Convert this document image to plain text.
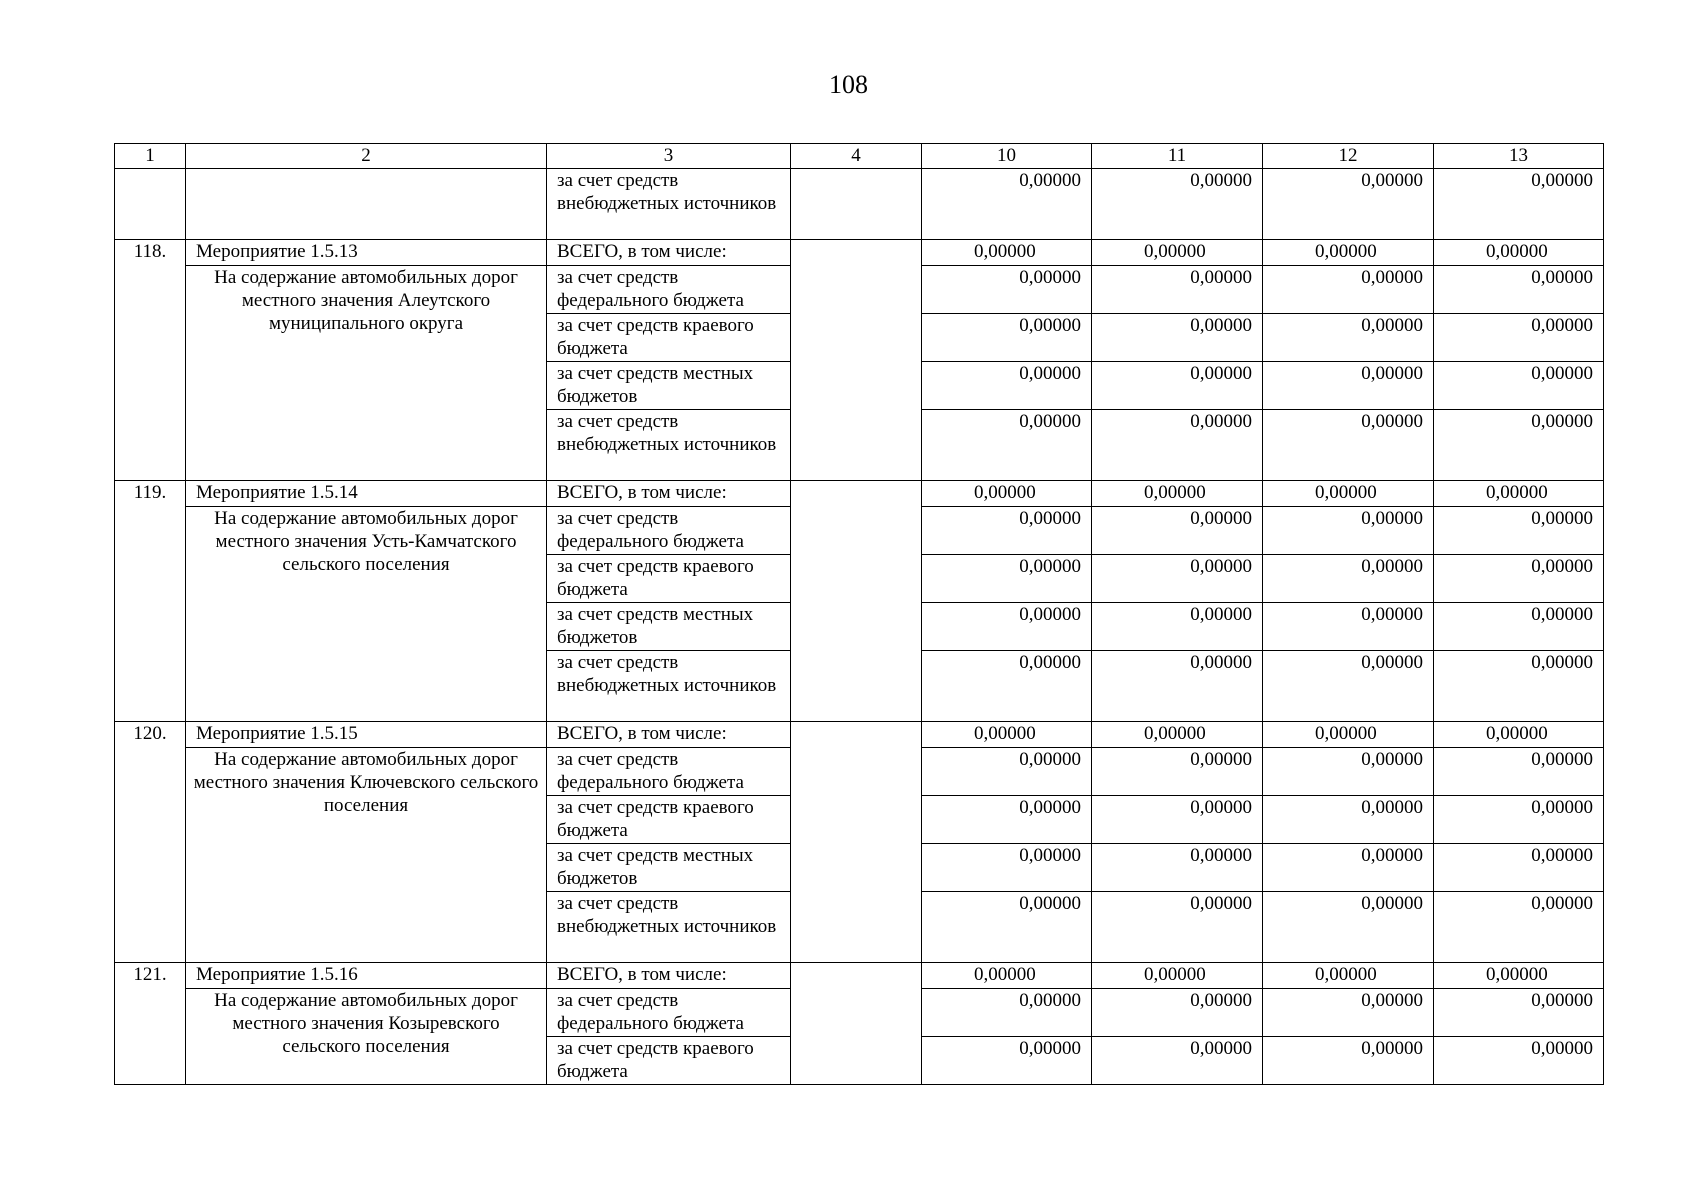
108
1	2	3	4	10	11	12	13
		за счет средств внебюджетных источников		0,00000	0,00000	0,00000	0,00000
118.	Мероприятие 1.5.13	ВСЕГО, в том числе:		0,00000	0,00000	0,00000	0,00000
	На содержание автомобильных дорог местного значения Алеутского муниципального округа	за счет средств федерального бюджета		0,00000	0,00000	0,00000	0,00000
		за счет средств краевого бюджета		0,00000	0,00000	0,00000	0,00000
		за счет средств местных бюджетов		0,00000	0,00000	0,00000	0,00000
		за счет средств внебюджетных источников		0,00000	0,00000	0,00000	0,00000
119.	Мероприятие 1.5.14	ВСЕГО, в том числе:		0,00000	0,00000	0,00000	0,00000
	На содержание автомобильных дорог местного значения Усть-Камчатского сельского поселения	за счет средств федерального бюджета		0,00000	0,00000	0,00000	0,00000
		за счет средств краевого бюджета		0,00000	0,00000	0,00000	0,00000
		за счет средств местных бюджетов		0,00000	0,00000	0,00000	0,00000
		за счет средств внебюджетных источников		0,00000	0,00000	0,00000	0,00000
120.	Мероприятие 1.5.15	ВСЕГО, в том числе:		0,00000	0,00000	0,00000	0,00000
	На содержание автомобильных дорог местного значения Ключевского сельского поселения	за счет средств федерального бюджета		0,00000	0,00000	0,00000	0,00000
		за счет средств краевого бюджета		0,00000	0,00000	0,00000	0,00000
		за счет средств местных бюджетов		0,00000	0,00000	0,00000	0,00000
		за счет средств внебюджетных источников		0,00000	0,00000	0,00000	0,00000
121.	Мероприятие 1.5.16	ВСЕГО, в том числе:		0,00000	0,00000	0,00000	0,00000
	На содержание автомобильных дорог местного значения Козыревского сельского поселения	за счет средств федерального бюджета		0,00000	0,00000	0,00000	0,00000
		за счет средств краевого бюджета		0,00000	0,00000	0,00000	0,00000
